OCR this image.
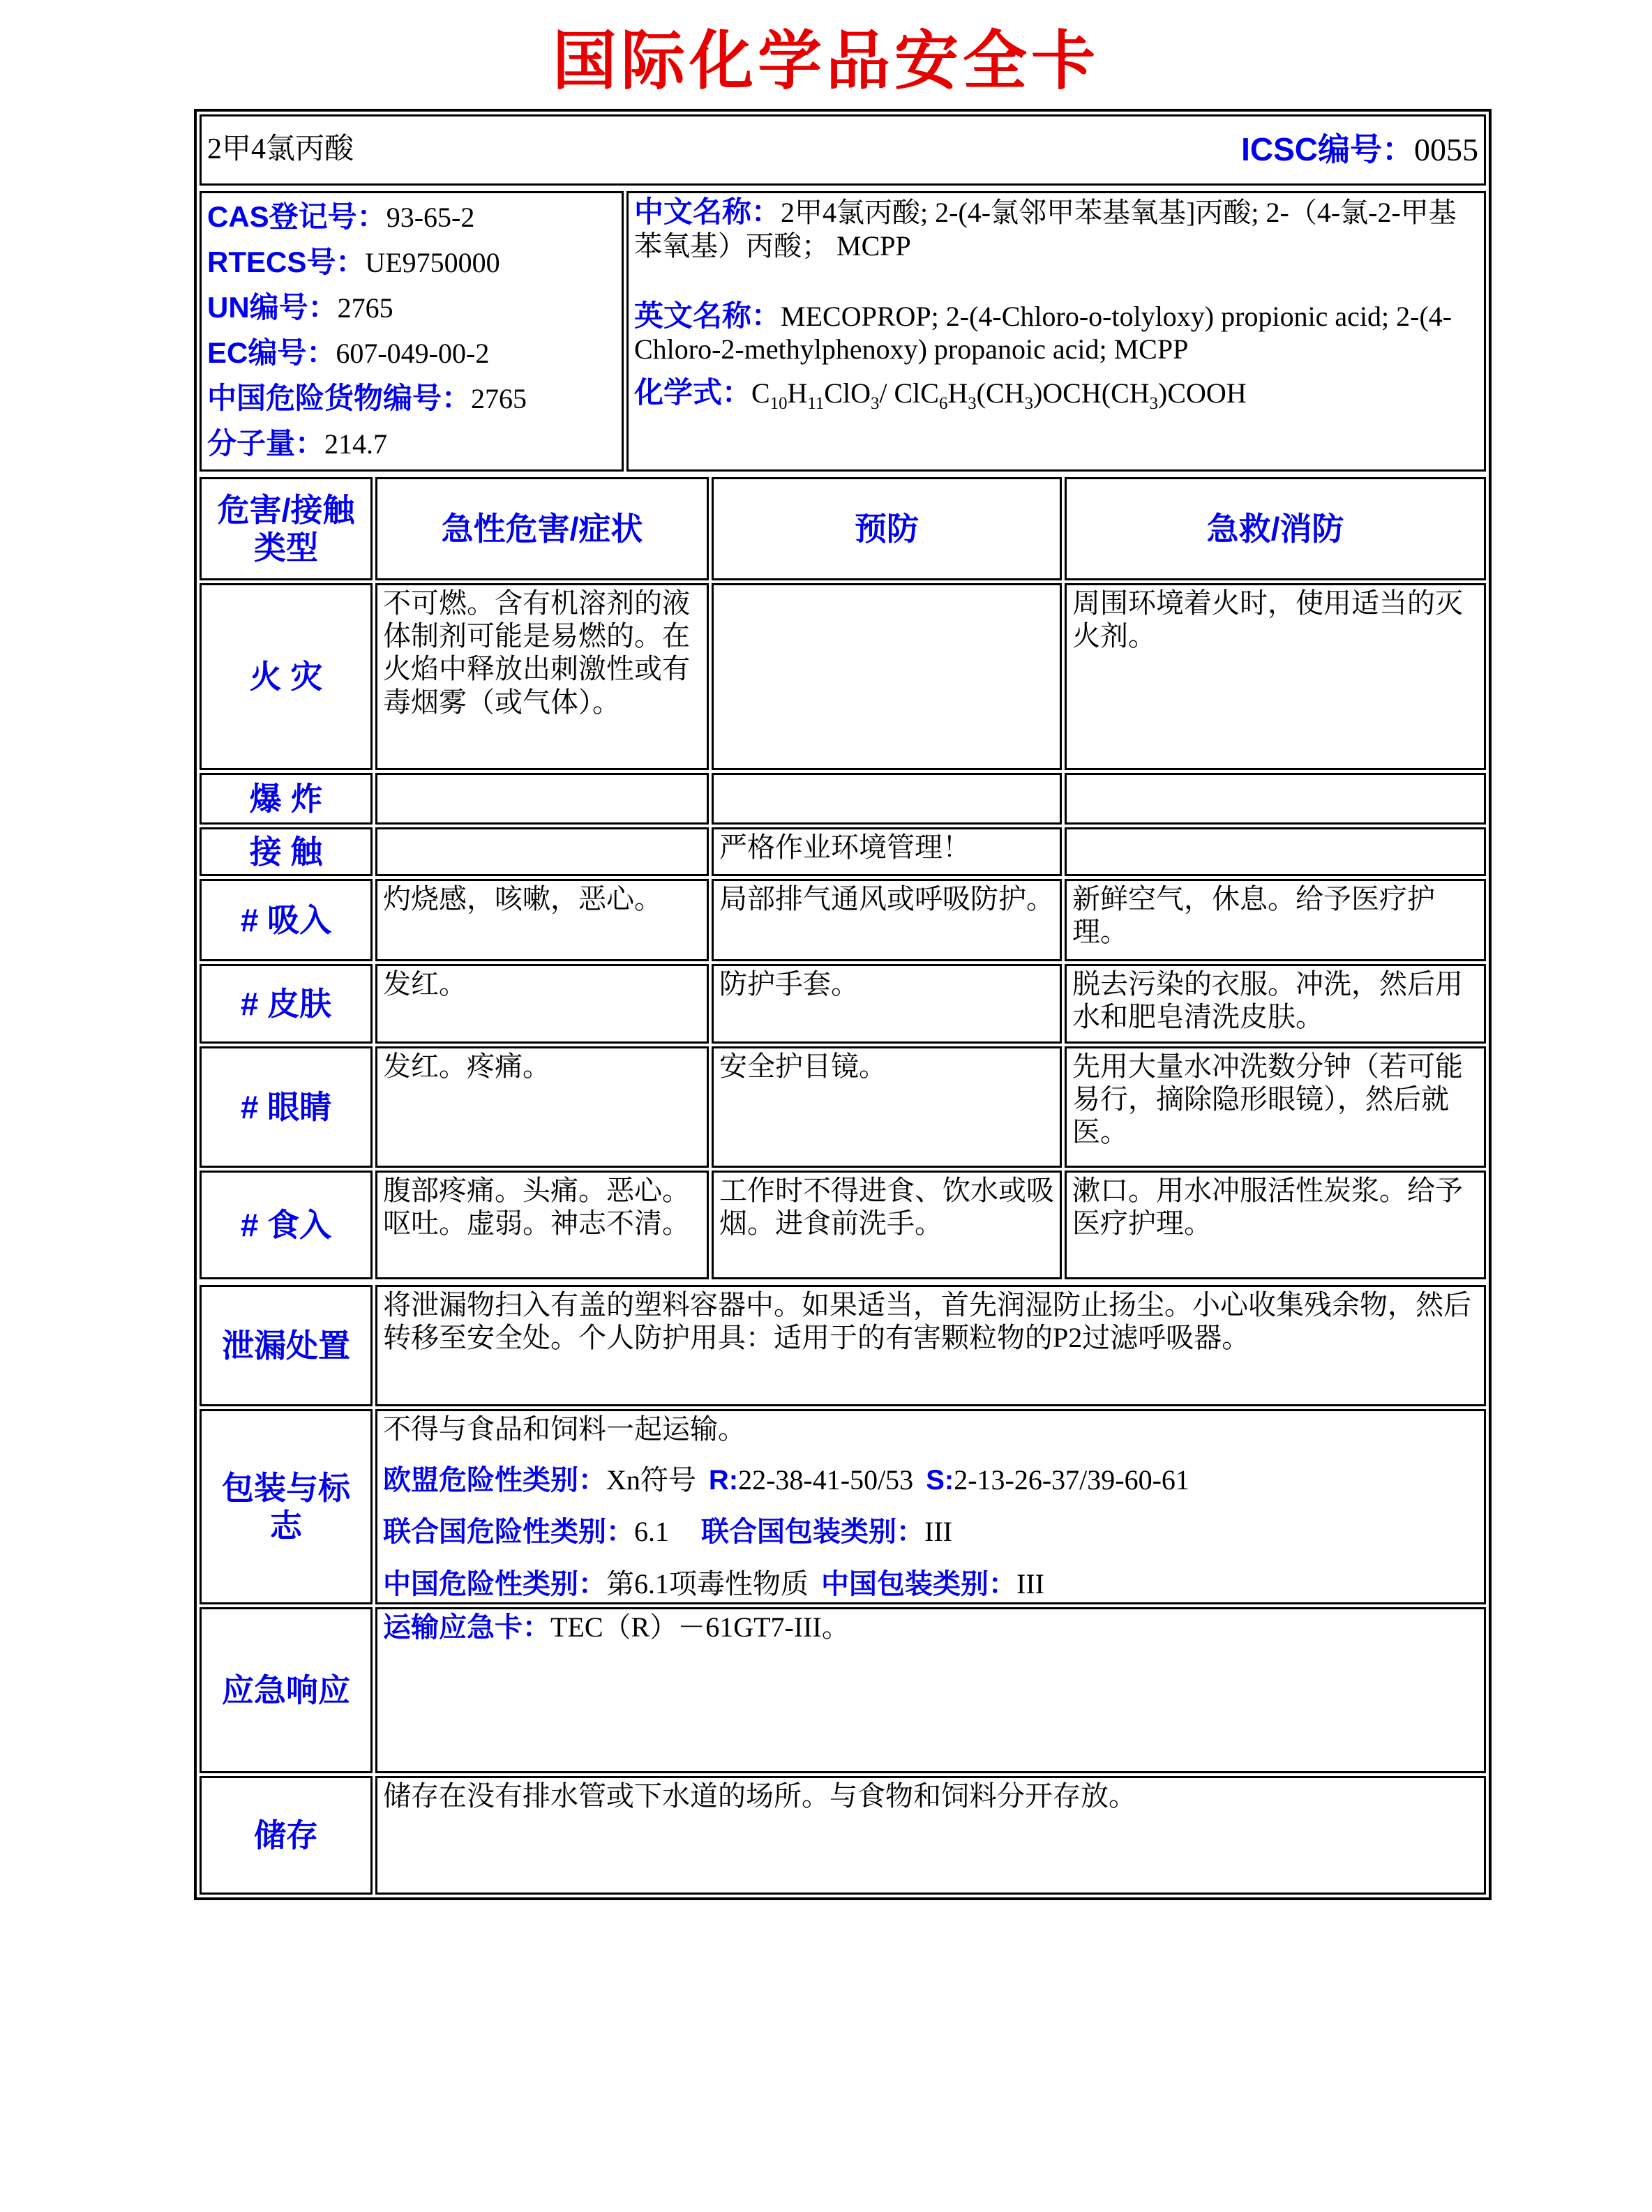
国际化学品安全卡
2甲4氯丙酸	ICSC编号：0055
CAS登记号：93-65-2
RTECS号：UE9750000
UN编号：2765
EC编号：607-049-00-2
中国危险货物编号：2765
分子量：214.7

中文名称：2甲4氯丙酸; 2-(4-氯邻甲苯基氧基]丙酸; 2-（4-氯-2-甲基苯氧基）丙酸； MCPP

英文名称：MECOPROP; 2-(4-Chloro-o-tolyloxy) propionic acid; 2-(4-Chloro-2-methylphenoxy) propanoic acid; MCPP

化学式：$C_{10}H_{11}ClO_3/$ $ClC_6H_3(CH_3)OCH(CH_3)COOH$

危害/接触
类型	急性危害/症状	预防	急救/消防
火 灾	不可燃。含有机溶剂的液体制剂可能是易燃的。在火焰中释放出刺激性或有毒烟雾（或气体）。		周围环境着火时，使用适当的灭火剂。
爆 炸			
接 触		严格作业环境管理！	
# 吸入	灼烧感，咳嗽，恶心。	局部排气通风或呼吸防护。	新鲜空气，休息。给予医疗护理。
# 皮肤	发红。	防护手套。	脱去污染的衣服。冲洗，然后用水和肥皂清洗皮肤。
# 眼睛	发红。疼痛。	安全护目镜。	先用大量水冲洗数分钟（若可能易行，摘除隐形眼镜），然后就医。
# 食入	腹部疼痛。头痛。恶心。呕吐。虚弱。神志不清。	工作时不得进食、饮水或吸烟。进食前洗手。	漱口。用水冲服活性炭浆。给予医疗护理。
泄漏处置	将泄漏物扫入有盖的塑料容器中。如果适当，首先润湿防止扬尘。小心收集残余物，然后转移至安全处。个人防护用具：适用于的有害颗粒物的P2过滤呼吸器。
包装与标志	不得与食品和饲料一起运输。

欧盟危险性类别：Xn符号 R:22-38-41-50/53 S:2-13-26-37/39-60-61

联合国危险性类别：6.1 联合国包装类别：III

中国危险性类别：第6.1项毒性物质 中国包装类别：III

应急响应	运输应急卡：TEC（R）－61GT7-III。
储存	储存在没有排水管或下水道的场所。与食物和饲料分开存放。
